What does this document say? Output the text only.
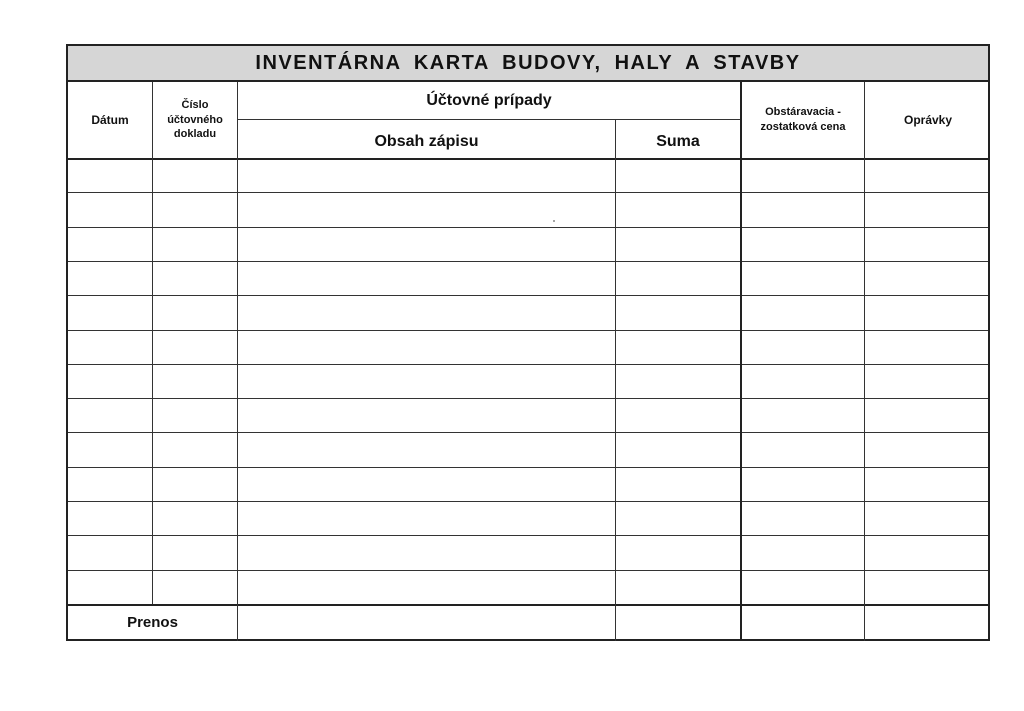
INVENTÁRNA KARTA BUDOVY, HALY A STAVBY
Dátum
Číslo
účtovného
dokladu
Účtovné prípady
Obsah zápisu	Suma
Obstáravacia -
zostatková cena
Oprávky
Prenos
